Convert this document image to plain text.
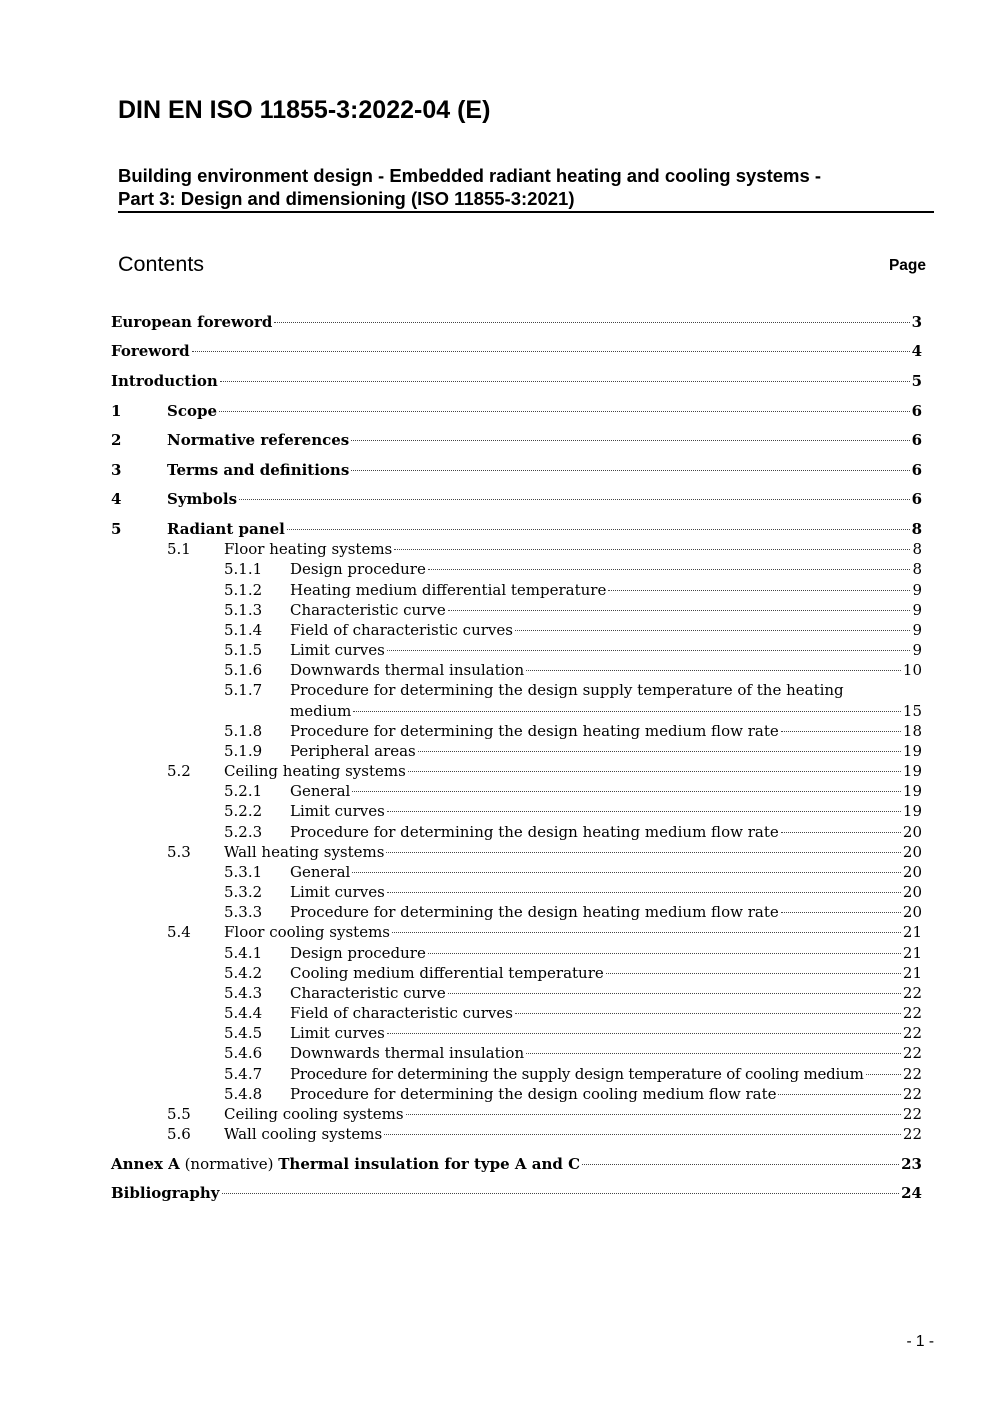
DIN EN ISO 11855-3:2022-04 (E)
Building environment design - Embedded radiant heating and cooling systems -
Part 3: Design and dimensioning (ISO 11855-3:2021)
Contents	Page
European foreword	3
Foreword	4
Introduction	5
1	Scope	6
2	Normative references	6
3	Terms and definitions	6
4	Symbols	6
5	Radiant panel	8
5.1 Floor heating systems	8
5.1.1 Design procedure	8
5.1.2 Heating medium differential temperature	9
5.1.3 Characteristic curve	9
5.1.4 Field of characteristic curves	9
5.1.5 Limit curves	9
5.1.6 Downwards thermal insulation	10
5.1.7 Procedure for determining the design supply temperature of the heating
medium	15
5.1.8 Procedure for determining the design heating medium flow rate	18
5.1.9 Peripheral areas	19
5.2 Ceiling heating systems	19
5.2.1 General	19
5.2.2 Limit curves	19
5.2.3 Procedure for determining the design heating medium flow rate	20
5.3 Wall heating systems	20
5.3.1 General	20
5.3.2 Limit curves	20
5.3.3 Procedure for determining the design heating medium flow rate	20
5.4 Floor cooling systems	21
5.4.1 Design procedure	21
5.4.2 Cooling medium differential temperature	21
5.4.3 Characteristic curve	22
5.4.4 Field of characteristic curves	22
5.4.5 Limit curves	22
5.4.6 Downwards thermal insulation	22
5.4.7 Procedure for determining the supply design temperature of cooling medium	22
5.4.8 Procedure for determining the design cooling medium flow rate	22
5.5 Ceiling cooling systems	22
5.6 Wall cooling systems	22
Annex A (normative) Thermal insulation for type A and C	23
Bibliography	24
- 1 -
